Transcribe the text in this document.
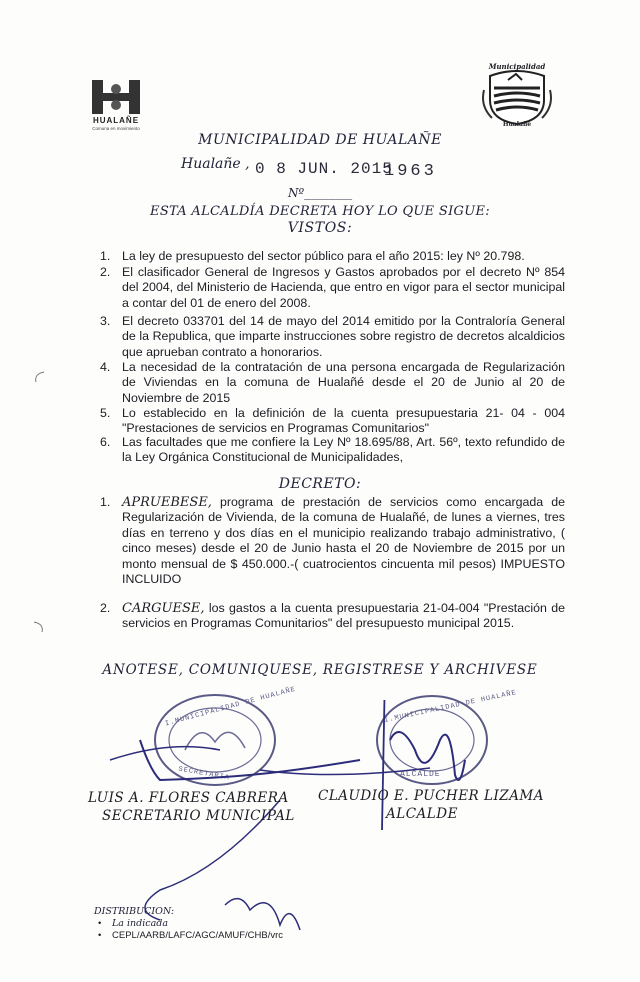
HUALAÑE
Comuna en movimiento
Municipalidad
Hualañe
MUNICIPALIDAD DE HUALAÑE
Hualañe , 0 8 JUN. 2015
1963
Nº________
ESTA ALCALDÍA DECRETA HOY LO QUE SIGUE:
VISTOS:
1. La ley de presupuesto del sector público para el año 2015: ley Nº 20.798.
2. El clasificador General de Ingresos y Gastos aprobados por el decreto Nº 854 del 2004, del Ministerio de Hacienda, que entro en vigor para el sector municipal a contar del 01 de enero del 2008.
3. El decreto 033701 del 14 de mayo del 2014 emitido por la Contraloría General de la Republica, que imparte instrucciones sobre registro de decretos alcaldicios que aprueban contrato a honorarios.
4. La necesidad de la contratación de una persona encargada de Regularización de Viviendas en la comuna de Hualañé desde el 20 de Junio al 20 de Noviembre de 2015
5. Lo establecido en la definición de la cuenta presupuestaria 21- 04 - 004 "Prestaciones de servicios en Programas Comunitarios"
6. Las facultades que me confiere la Ley Nº 18.695/88, Art. 56º, texto refundido de la Ley Orgánica Constitucional de Municipalidades,
DECRETO:
1. APRUEBESE, programa de prestación de servicios como encargada de Regularización de Vivienda, de la comuna de Hualañé, de lunes a viernes, tres días en terreno y dos días en el municipio realizando trabajo administrativo, ( cinco meses) desde el 20 de Junio hasta el 20 de Noviembre de 2015 por un monto mensual de $ 450.000.-( cuatrocientos cincuenta mil pesos) IMPUESTO INCLUIDO
2. CARGUESE, los gastos a la cuenta presupuestaria 21-04-004 "Prestación de servicios en Programas Comunitarios" del presupuesto municipal 2015.
ANOTESE, COMUNIQUESE, REGISTRESE Y ARCHIVESE
I.MUNICIPALIDAD DE HUALAÑE
SECRETARIA
I.MUNICIPALIDAD DE HUALAÑE
ALCALDE
LUIS A. FLORES CABRERA
SECRETARIO MUNICIPAL
CLAUDIO E. PUCHER LIZAMA
ALCALDE
DISTRIBUCION:
• La indicada
• CEPL/AARB/LAFC/AGC/AMUF/CHB/vrc
